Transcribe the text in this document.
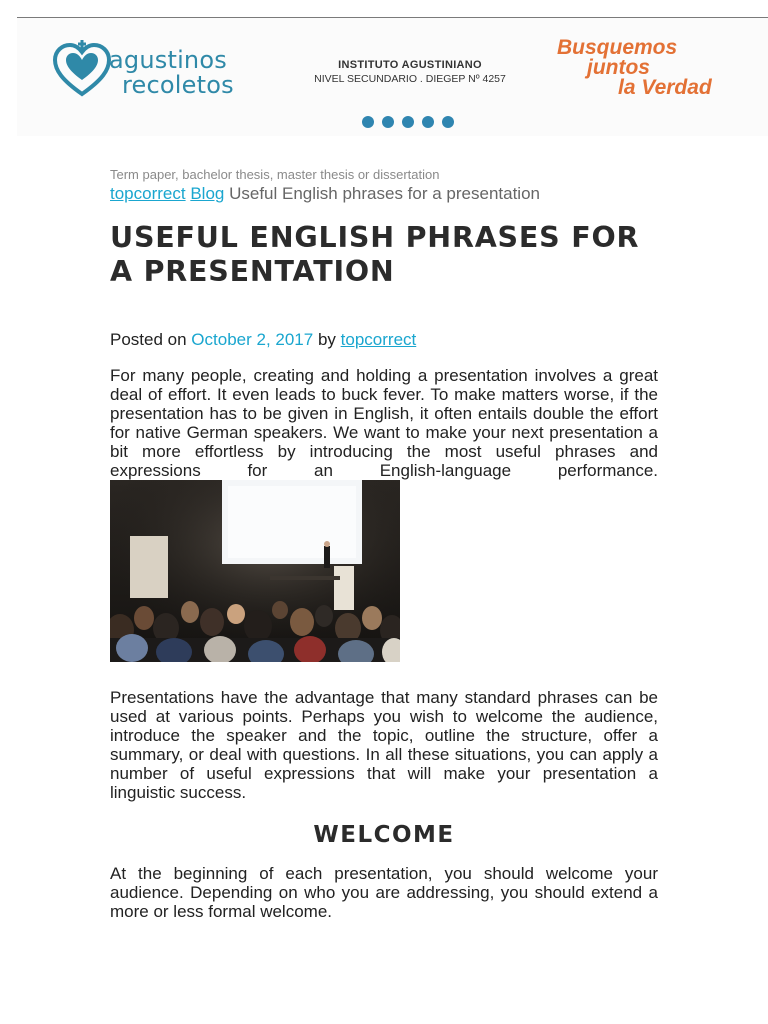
agustinos
recoletos
INSTITUTO AGUSTINIANO
NIVEL SECUNDARIO . DIEGEP Nº 4257
Busquemos
juntos
la Verdad
Term paper, bachelor thesis, master thesis or dissertation
topcorrect Blog Useful English phrases for a presentation
USEFUL ENGLISH PHRASES FOR A PRESENTATION
Posted on October 2, 2017 by topcorrect

For many people, creating and holding a presentation involves a great deal of effort. It even leads to buck fever. To make matters worse, if the presentation has to be given in English, it often entails double the effort for native German speakers. We want to make your next presentation a bit more effortless by introducing the most useful phrases and expressions for an English-language performance.

Presentations have the advantage that many standard phrases can be used at various points. Perhaps you wish to welcome the audience, introduce the speaker and the topic, outline the structure, offer a summary, or deal with questions. In all these situations, you can apply a number of useful expressions that will make your presentation a linguistic success.

WELCOME

At the beginning of each presentation, you should welcome your audience. Depending on who you are addressing, you should extend a more or less formal welcome.
